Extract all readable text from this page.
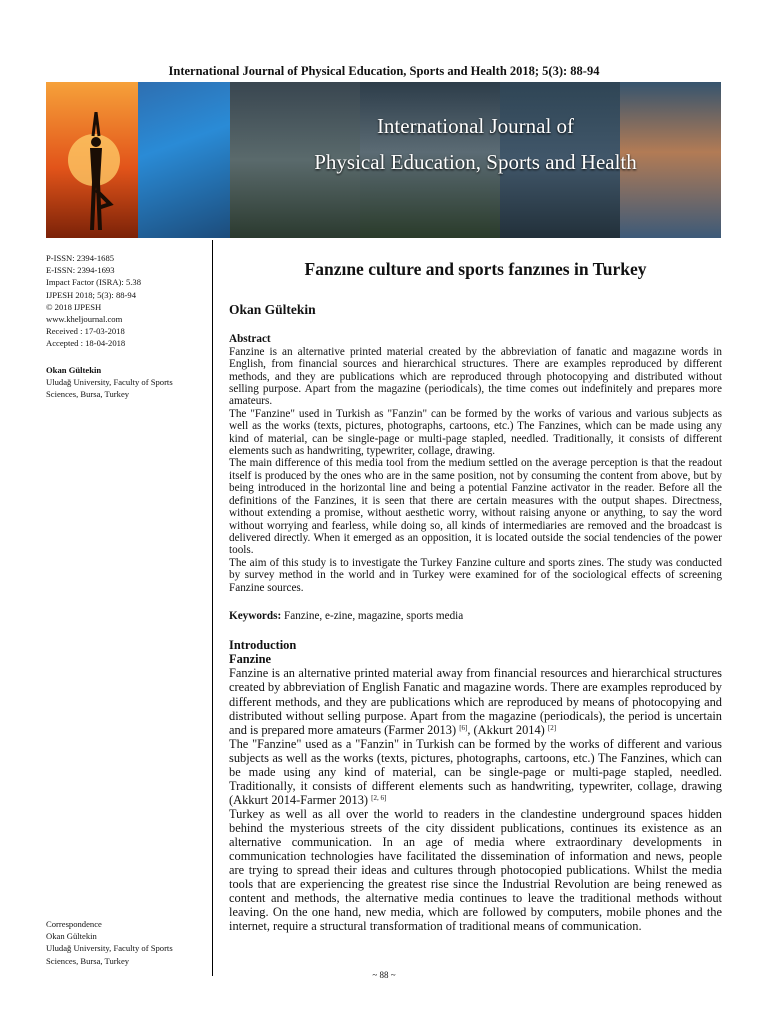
International Journal of Physical Education, Sports and Health 2018; 5(3): 88-94
International Journal of
Physical Education, Sports and Health
P-ISSN: 2394-1685
E-ISSN: 2394-1693
Impact Factor (ISRA): 5.38
IJPESH 2018; 5(3): 88-94
© 2018 IJPESH
www.kheljournal.com
Received : 17-03-2018
Accepted : 18-04-2018
Okan Gültekin
Uludağ University, Faculty of Sports Sciences, Bursa, Turkey
Correspondence
Okan Gültekin
Uludağ University, Faculty of Sports Sciences, Bursa, Turkey
Fanzıne culture and sports fanzınes in Turkey
Okan Gültekin

Abstract

Fanzine is an alternative printed material created by the abbreviation of fanatic and magazıne words in English, from financial sources and hierarchical structures. There are examples reproduced by different methods, and they are publications which are reproduced through photocopying and distributed without selling purpose. Apart from the magazine (periodicals), the time comes out indefinitely and prepares more amateurs.

The "Fanzine" used in Turkish as "Fanzin" can be formed by the works of various and various subjects as well as the works (texts, pictures, photographs, cartoons, etc.) The Fanzines, which can be made using any kind of material, can be single-page or multi-page stapled, needled. Traditionally, it consists of different elements such as handwriting, typewriter, collage, drawing.

The main difference of this media tool from the medium settled on the average perception is that the readout itself is produced by the ones who are in the same position, not by consuming the content from above, but by being introduced in the horizontal line and being a potential Fanzine activator in the reader. Before all the definitions of the Fanzines, it is seen that there are certain measures with the output shapes. Directness, without extending a promise, without aesthetic worry, without raising anyone or anything, to say the word without worrying and fearless, while doing so, all kinds of intermediaries are removed and the broadcast is delivered directly. When it emerged as an opposition, it is located outside the social tendencies of the power tools.

The aim of this study is to investigate the Turkey Fanzine culture and sports zines. The study was conducted by survey method in the world and in Turkey were examined for of the sociological effects of screening Fanzine sources.

Keywords: Fanzine, e-zine, magazine, sports media

Introduction

Fanzine

Fanzine is an alternative printed material away from financial resources and hierarchical structures created by abbreviation of English Fanatic and magazine words. There are examples reproduced by different methods, and they are publications which are reproduced by means of photocopying and distributed without selling purpose. Apart from the magazine (periodicals), the period is uncertain and is prepared more amateurs (Farmer 2013) [6], (Akkurt 2014) [2]

The "Fanzine" used as a "Fanzin" in Turkish can be formed by the works of different and various subjects as well as the works (texts, pictures, photographs, cartoons, etc.) The Fanzines, which can be made using any kind of material, can be single-page or multi-page stapled, needled. Traditionally, it consists of different elements such as handwriting, typewriter, collage, drawing (Akkurt 2014-Farmer 2013) [2, 6]

Turkey as well as all over the world to readers in the clandestine underground spaces hidden behind the mysterious streets of the city dissident publications, continues its existence as an alternative communication. In an age of media where extraordinary developments in communication technologies have facilitated the dissemination of information and news, people are trying to spread their ideas and cultures through photocopied publications. Whilst the media tools that are experiencing the greatest rise since the Industrial Revolution are being renewed as content and methods, the alternative media continues to leave the traditional methods without leaving. On the one hand, new media, which are followed by computers, mobile phones and the internet, require a structural transformation of traditional means of communication.

~ 88 ~
